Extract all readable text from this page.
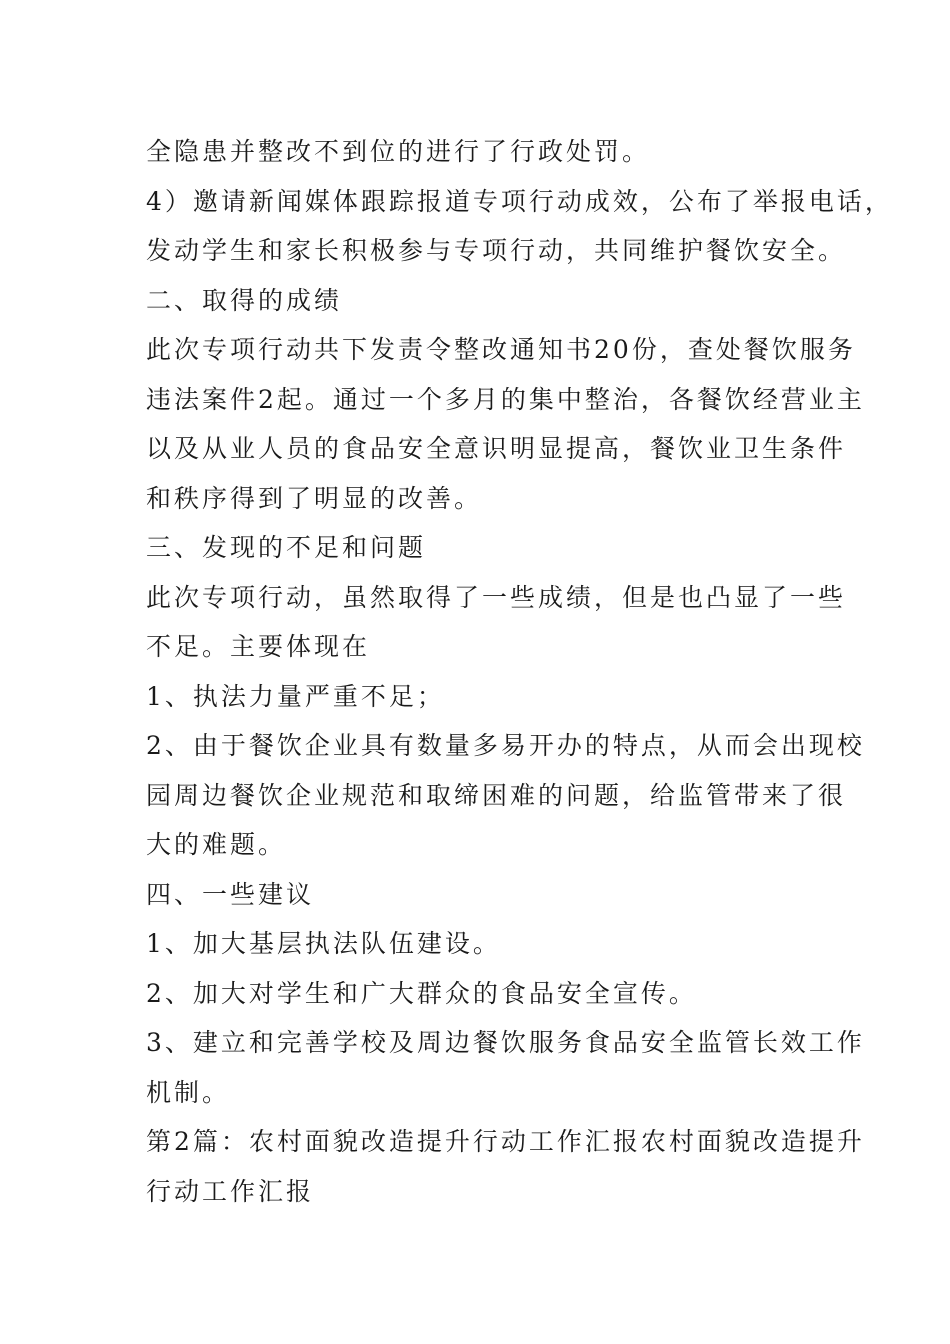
全隐患并整改不到位的进行了行政处罚。
4）邀请新闻媒体跟踪报道专项行动成效，公布了举报电话，
发动学生和家长积极参与专项行动，共同维护餐饮安全。
二、取得的成绩
此次专项行动共下发责令整改通知书20份，查处餐饮服务
违法案件2起。通过一个多月的集中整治，各餐饮经营业主
以及从业人员的食品安全意识明显提高，餐饮业卫生条件
和秩序得到了明显的改善。
三、发现的不足和问题
此次专项行动，虽然取得了一些成绩，但是也凸显了一些
不足。主要体现在
1、执法力量严重不足；
2、由于餐饮企业具有数量多易开办的特点，从而会出现校
园周边餐饮企业规范和取缔困难的问题，给监管带来了很
大的难题。
四、一些建议
1、加大基层执法队伍建设。
2、加大对学生和广大群众的食品安全宣传。
3、建立和完善学校及周边餐饮服务食品安全监管长效工作
机制。
第2篇：农村面貌改造提升行动工作汇报农村面貌改造提升
行动工作汇报
